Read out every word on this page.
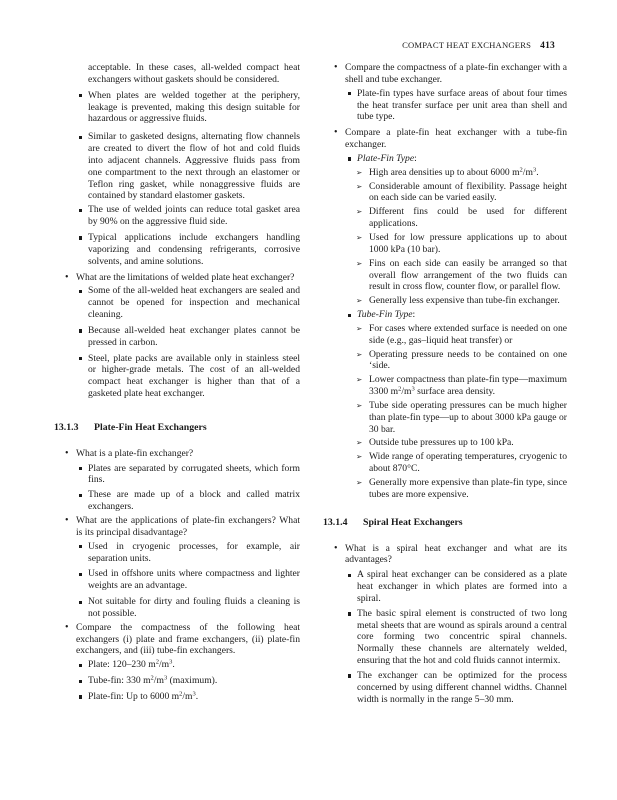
COMPACT HEAT EXCHANGERS 413

acceptable. In these cases, all-welded compact heat exchangers without gaskets should be considered.

When plates are welded together at the periphery, leakage is prevented, making this design suitable for hazardous or aggressive fluids.

Similar to gasketed designs, alternating flow channels are created to divert the flow of hot and cold fluids into adjacent channels. Aggressive fluids pass from one compartment to the next through an elastomer or Teflon ring gasket, while nonaggressive fluids are contained by standard elastomer gaskets.

The use of welded joints can reduce total gasket area by 90% on the aggressive fluid side.

Typical applications include exchangers handling vaporizing and condensing refrigerants, corrosive solvents, and amine solutions.

• What are the limitations of welded plate heat exchanger?

Some of the all-welded heat exchangers are sealed and cannot be opened for inspection and mechanical cleaning.

Because all-welded heat exchanger plates cannot be pressed in carbon.

Steel, plate packs are available only in stainless steel or higher-grade metals. The cost of an all-welded compact heat exchanger is higher than that of a gasketed plate heat exchanger.

13.1.3 Plate-Fin Heat Exchangers

• What is a plate-fin exchanger?

Plates are separated by corrugated sheets, which form fins.

These are made up of a block and called matrix exchangers.

• What are the applications of plate-fin exchangers? What is its principal disadvantage?

Used in cryogenic processes, for example, air separation units.

Used in offshore units where compactness and lighter weights are an advantage.

Not suitable for dirty and fouling fluids a cleaning is not possible.

• Compare the compactness of the following heat exchangers (i) plate and frame exchangers, (ii) plate-fin exchangers, and (iii) tube-fin exchangers.

Plate: 120–230 $m^2/m^3$.

Tube-fin: 330 $m^2/m^3$ (maximum).

Plate-fin: Up to 6000 $m^2/m^3$.

• Compare the compactness of a plate-fin exchanger with a shell and tube exchanger.

Plate-fin types have surface areas of about four times the heat transfer surface per unit area than shell and tube type.

• Compare a plate-fin heat exchanger with a tube-fin exchanger.

Plate-Fin Type:

➢ High area densities up to about 6000 $m^2/m^3$.

➢ Considerable amount of flexibility. Passage height on each side can be varied easily.

➢ Different fins could be used for different applications.

➢ Used for low pressure applications up to about 1000 kPa (10 bar).

➢ Fins on each side can easily be arranged so that overall flow arrangement of the two fluids can result in cross flow, counter flow, or parallel flow.

➢ Generally less expensive than tube-fin exchanger.

Tube-Fin Type:

➢ For cases where extended surface is needed on one side (e.g., gas–liquid heat transfer) or

➢ Operating pressure needs to be contained on one ‘side.

➢ Lower compactness than plate-fin type—maximum 3300 $m^2/m^3$ surface area density.

➢ Tube side operating pressures can be much higher than plate-fin type—up to about 3000 kPa gauge or 30 bar.

➢ Outside tube pressures up to 100 kPa.

➢ Wide range of operating temperatures, cryogenic to about 870°C.

➢ Generally more expensive than plate-fin type, since tubes are more expensive.

13.1.4 Spiral Heat Exchangers

• What is a spiral heat exchanger and what are its advantages?

A spiral heat exchanger can be considered as a plate heat exchanger in which plates are formed into a spiral.

The basic spiral element is constructed of two long metal sheets that are wound as spirals around a central core forming two concentric spiral channels. Normally these channels are alternately welded, ensuring that the hot and cold fluids cannot intermix.

The exchanger can be optimized for the process concerned by using different channel widths. Channel width is normally in the range 5–30 mm.
